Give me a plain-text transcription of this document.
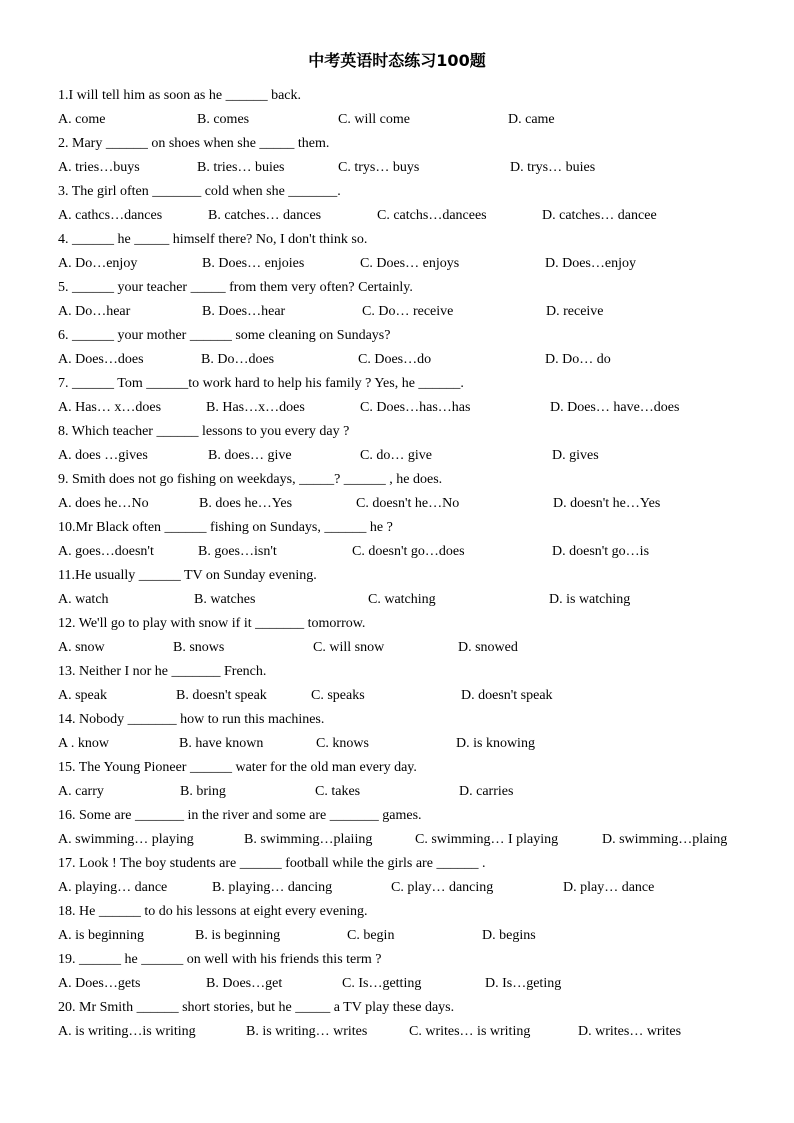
中考英语时态练习100题
1.I will tell him as soon as he ______ back.
A. come	B. comes	C. will come	D. came
2. Mary ______ on shoes when she _____ them.
A. tries…buys	B. tries… buies	C. trys… buys	D. trys… buies
3. The girl often _______ cold when she _______.
A. cathcs…dances	B. catches… dances	C. catchs…dancees	D. catches… dancee
4. ______ he _____ himself there? No, I don't think so.
A. Do…enjoy	B. Does… enjoies	C. Does… enjoys	D. Does…enjoy
5. ______ your teacher _____ from them very often? Certainly.
A. Do…hear	B. Does…hear	C. Do… receive	D. receive
6. ______ your mother ______ some cleaning on Sundays?
A. Does…does	B. Do…does	C. Does…do	D. Do… do
7. ______ Tom ______to work hard to help his family ? Yes, he ______.
A. Has… x…does	B. Has…x…does	C. Does…has…has	D. Does… have…does
8. Which teacher ______ lessons to you every day ?
A. does …gives	B. does… give	C. do… give	D. gives
9. Smith does not go fishing on weekdays, _____? ______ , he does.
A. does he…No	B. does he…Yes	C. doesn't he…No	D. doesn't he…Yes
10.Mr Black often ______ fishing on Sundays, ______ he ?
A. goes…doesn't	B. goes…isn't	C. doesn't go…does	D. doesn't go…is
11.He usually ______ TV on Sunday evening.
A. watch	B. watches	C. watching	D. is watching
12. We'll go to play with snow if it _______ tomorrow.
A. snow	B. snows	C. will snow	D. snowed
13. Neither I nor he _______ French.
A. speak	B. doesn't speak	C. speaks	D. doesn't speak
14. Nobody _______ how to run this machines.
A . know	B. have known	C. knows	D. is knowing
15. The Young Pioneer ______ water for the old man every day.
A. carry	B. bring	C. takes	D. carries
16. Some are _______ in the river and some are _______ games.
A. swimming… playing	B. swimming…plaiing	C. swimming… I playing	D. swimming…plaing
17. Look ! The boy students are ______ football while the girls are ______ .
A. playing… dance	B. playing… dancing	C. play… dancing	D. play… dance
18. He ______ to do his lessons at eight every evening.
A. is beginning	B. is beginning	C. begin	D. begins
19. ______ he ______ on well with his friends this term ?
A. Does…gets	B. Does…get	C. Is…getting	D. Is…geting
20. Mr Smith ______ short stories, but he _____ a TV play these days.
A. is writing…is writing	B. is writing… writes	C. writes… is writing	D. writes… writes
